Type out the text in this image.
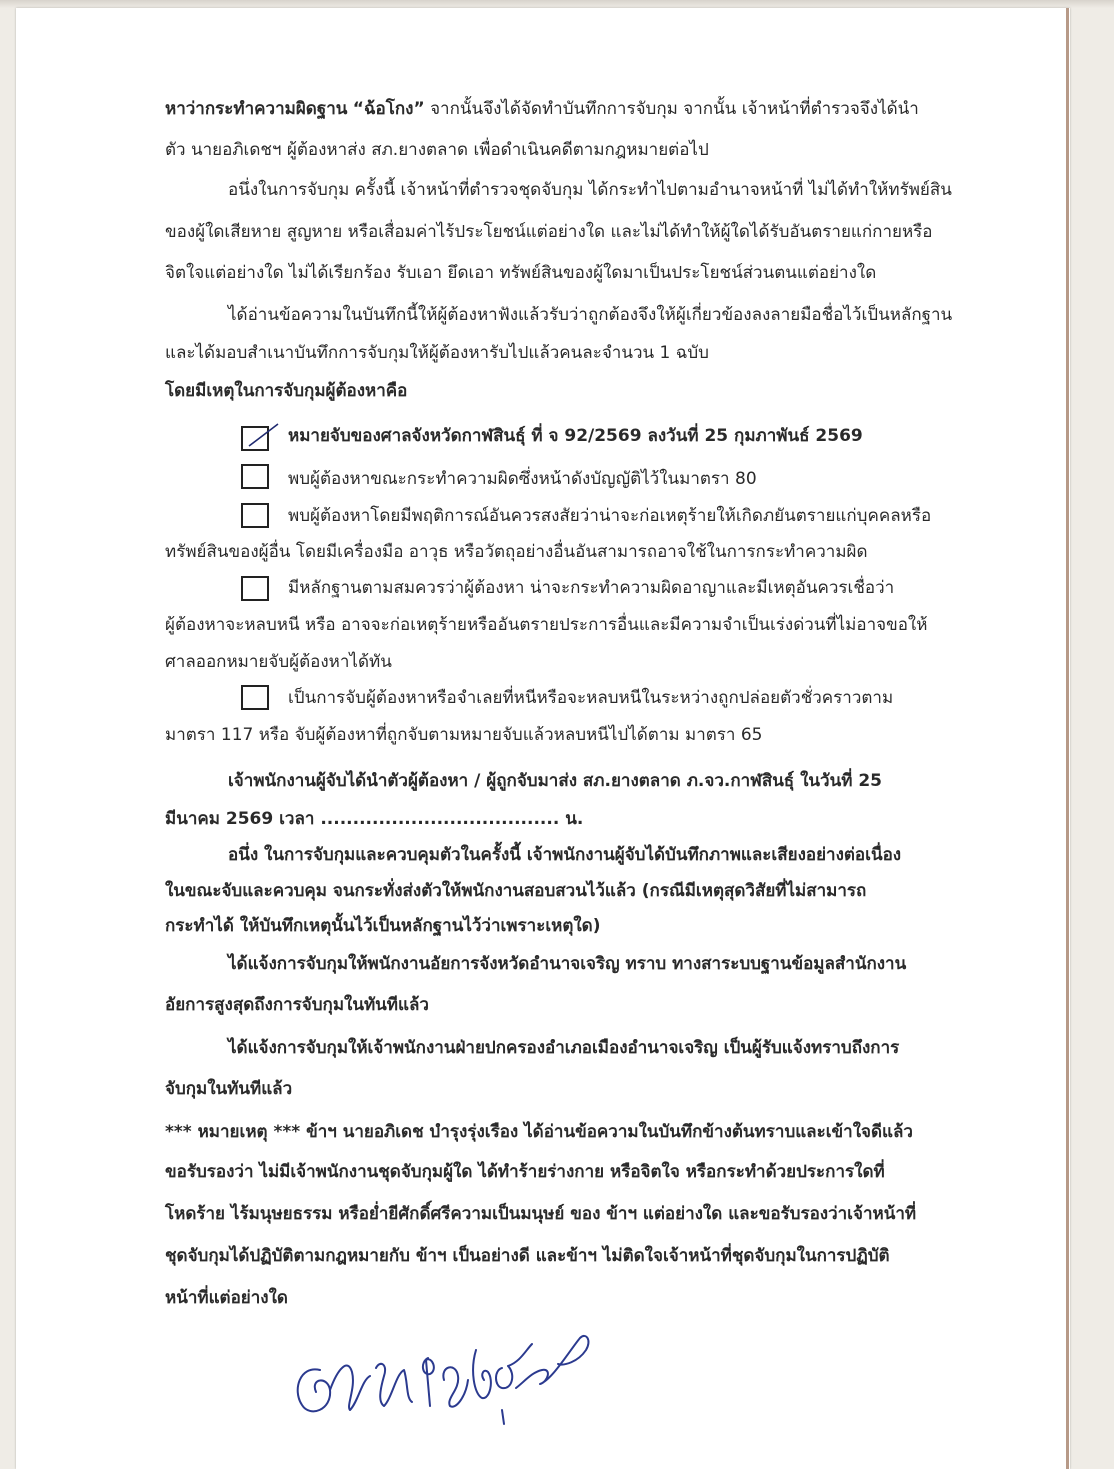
หาว่ากระทำความผิดฐาน “ฉ้อโกง” จากนั้นจึงได้จัดทำบันทึกการจับกุม จากนั้น เจ้าหน้าที่ตำรวจจึงได้นำ

ตัว นายอภิเดชฯ ผู้ต้องหาส่ง สภ.ยางตลาด เพื่อดำเนินคดีตามกฎหมายต่อไป

อนึ่งในการจับกุม ครั้งนี้ เจ้าหน้าที่ตำรวจชุดจับกุม ได้กระทำไปตามอำนาจหน้าที่ ไม่ได้ทำให้ทรัพย์สิน

ของผู้ใดเสียหาย สูญหาย หรือเสื่อมค่าไร้ประโยชน์แต่อย่างใด และไม่ได้ทำให้ผู้ใดได้รับอันตรายแก่กายหรือ

จิตใจแต่อย่างใด ไม่ได้เรียกร้อง รับเอา ยึดเอา ทรัพย์สินของผู้ใดมาเป็นประโยชน์ส่วนตนแต่อย่างใด

ได้อ่านข้อความในบันทึกนี้ให้ผู้ต้องหาฟังแล้วรับว่าถูกต้องจึงให้ผู้เกี่ยวข้องลงลายมือชื่อไว้เป็นหลักฐาน

และได้มอบสำเนาบันทึกการจับกุมให้ผู้ต้องหารับไปแล้วคนละจำนวน 1 ฉบับ

โดยมีเหตุในการจับกุมผู้ต้องหาคือ

หมายจับของศาลจังหวัดกาฬสินธุ์ ที่ จ 92/2569 ลงวันที่ 25 กุมภาพันธ์ 2569

พบผู้ต้องหาขณะกระทำความผิดซึ่งหน้าดังบัญญัติไว้ในมาตรา 80

พบผู้ต้องหาโดยมีพฤติการณ์อันควรสงสัยว่าน่าจะก่อเหตุร้ายให้เกิดภยันตรายแก่บุคคลหรือ

ทรัพย์สินของผู้อื่น โดยมีเครื่องมือ อาวุธ หรือวัตถุอย่างอื่นอันสามารถอาจใช้ในการกระทำความผิด

มีหลักฐานตามสมควรว่าผู้ต้องหา น่าจะกระทำความผิดอาญาและมีเหตุอันควรเชื่อว่า

ผู้ต้องหาจะหลบหนี หรือ อาจจะก่อเหตุร้ายหรืออันตรายประการอื่นและมีความจำเป็นเร่งด่วนที่ไม่อาจขอให้

ศาลออกหมายจับผู้ต้องหาได้ทัน

เป็นการจับผู้ต้องหาหรือจำเลยที่หนีหรือจะหลบหนีในระหว่างถูกปล่อยตัวชั่วคราวตาม

มาตรา 117 หรือ จับผู้ต้องหาที่ถูกจับตามหมายจับแล้วหลบหนีไปได้ตาม มาตรา 65

เจ้าพนักงานผู้จับได้นำตัวผู้ต้องหา / ผู้ถูกจับมาส่ง สภ.ยางตลาด ภ.จว.กาฬสินธุ์ ในวันที่ 25

มีนาคม 2569 เวลา ..................................... น.

อนึ่ง ในการจับกุมและควบคุมตัวในครั้งนี้ เจ้าพนักงานผู้จับได้บันทึกภาพและเสียงอย่างต่อเนื่อง

ในขณะจับและควบคุม จนกระทั่งส่งตัวให้พนักงานสอบสวนไว้แล้ว (กรณีมีเหตุสุดวิสัยที่ไม่สามารถ

กระทำได้ ให้บันทึกเหตุนั้นไว้เป็นหลักฐานไว้ว่าเพราะเหตุใด)

ได้แจ้งการจับกุมให้พนักงานอัยการจังหวัดอำนาจเจริญ ทราบ ทางสาระบบฐานข้อมูลสำนักงาน

อัยการสูงสุดถึงการจับกุมในทันทีแล้ว

ได้แจ้งการจับกุมให้เจ้าพนักงานฝ่ายปกครองอำเภอเมืองอำนาจเจริญ เป็นผู้รับแจ้งทราบถึงการ

จับกุมในทันทีแล้ว

*** หมายเหตุ *** ข้าฯ นายอภิเดช บำรุงรุ่งเรือง ได้อ่านข้อความในบันทึกข้างต้นทราบและเข้าใจดีแล้ว

ขอรับรองว่า ไม่มีเจ้าพนักงานชุดจับกุมผู้ใด ได้ทำร้ายร่างกาย หรือจิตใจ หรือกระทำด้วยประการใดที่

โหดร้าย ไร้มนุษยธรรม หรือย่ำยีศักดิ์ศรีความเป็นมนุษย์ ของ ข้าฯ แต่อย่างใด และขอรับรองว่าเจ้าหน้าที่

ชุดจับกุมได้ปฏิบัติตามกฎหมายกับ ข้าฯ เป็นอย่างดี และข้าฯ ไม่ติดใจเจ้าหน้าที่ชุดจับกุมในการปฏิบัติ

หน้าที่แต่อย่างใด
